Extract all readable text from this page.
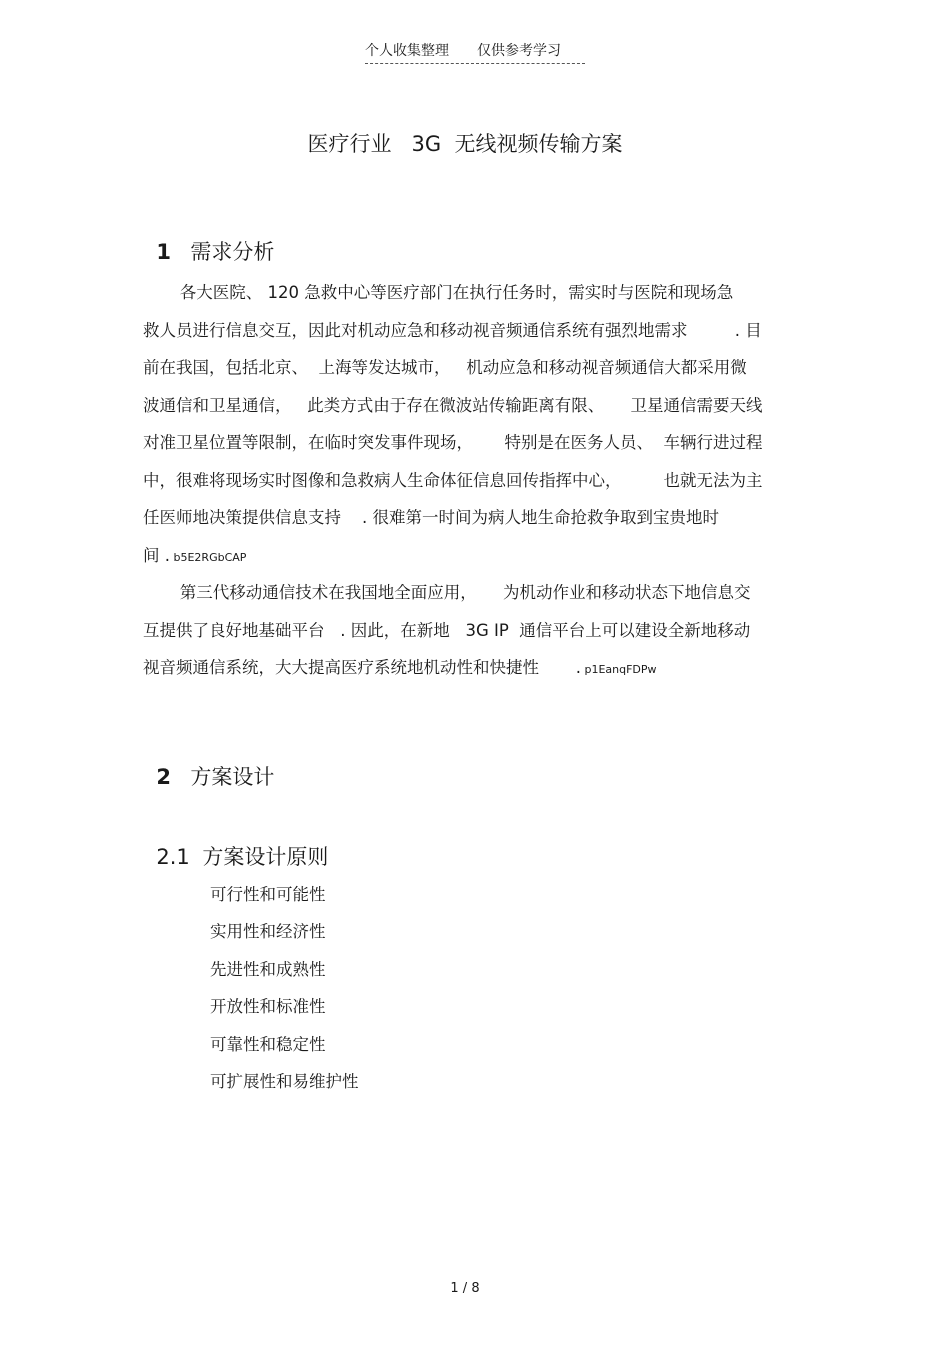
个人收集整理 仅供参考学习
医疗行业   3G  无线视频传输方案

1 需求分析

各大医院、 120 急救中心等医疗部门在执行任务时，需实时与医院和现场急
救人员进行信息交互，因此对机动应急和移动视音频通信系统有强烈地需求         . 目
前在我国，包括北京、  上海等发达城市，   机动应急和移动视音频通信大都采用微
波通信和卫星通信，   此类方式由于存在微波站传输距离有限、     卫星通信需要天线
对准卫星位置等限制，在临时突发事件现场，      特别是在医务人员、  车辆行进过程
中，很难将现场实时图像和急救病人生命体征信息回传指挥中心，        也就无法为主
任医师地决策提供信息支持    . 很难第一时间为病人地生命抢救争取到宝贵地时
间 . b5E2RGbCAP
第三代移动通信技术在我国地全面应用，     为机动作业和移动状态下地信息交
互提供了良好地基础平台   . 因此，在新地   3G IP  通信平台上可以建设全新地移动
视音频通信系统，大大提高医疗系统地机动性和快捷性       . p1EanqFDPw

2 方案设计

2.1 方案设计原则

可行性和可能性
实用性和经济性
先进性和成熟性
开放性和标准性
可靠性和稳定性
可扩展性和易维护性
1 / 8
